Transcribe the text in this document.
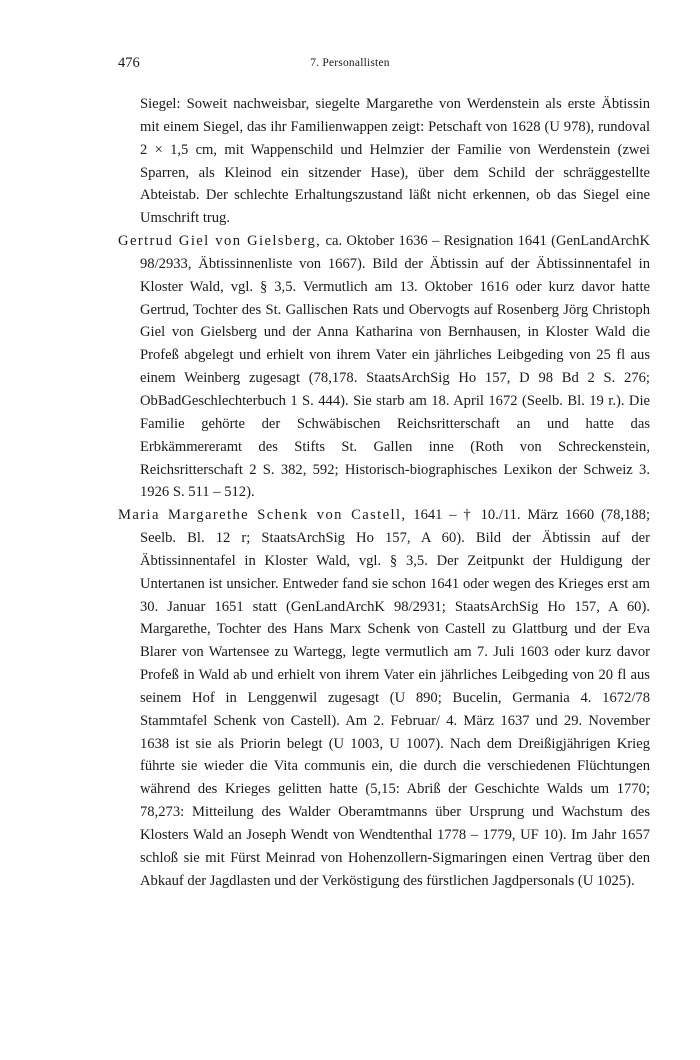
476	7. Personallisten

Siegel: Soweit nachweisbar, siegelte Margarethe von Werdenstein als erste Äbtissin mit einem Siegel, das ihr Familienwappen zeigt: Petschaft von 1628 (U 978), rundoval 2 × 1,5 cm, mit Wappenschild und Helmzier der Familie von Werdenstein (zwei Sparren, als Kleinod ein sitzender Hase), über dem Schild der schräggestellte Abteistab. Der schlechte Erhaltungszustand läßt nicht erkennen, ob das Siegel eine Umschrift trug.

Gertrud Giel von Gielsberg, ca. Oktober 1636 – Resignation 1641 (GenLandArchK 98/2933, Äbtissinnenliste von 1667). Bild der Äbtissin auf der Äbtissinnentafel in Kloster Wald, vgl. § 3,5. Vermutlich am 13. Oktober 1616 oder kurz davor hatte Gertrud, Tochter des St. Gallischen Rats und Obervogts auf Rosenberg Jörg Christoph Giel von Gielsberg und der Anna Katharina von Bernhausen, in Kloster Wald die Profeß abgelegt und erhielt von ihrem Vater ein jährliches Leibgeding von 25 fl aus einem Weinberg zugesagt (78,178. StaatsArchSig Ho 157, D 98 Bd 2 S. 276; ObBadGeschlechterbuch 1 S. 444). Sie starb am 18. April 1672 (Seelb. Bl. 19 r.). Die Familie gehörte der Schwäbischen Reichsritterschaft an und hatte das Erbkämmereramt des Stifts St. Gallen inne (Roth von Schreckenstein, Reichsritterschaft 2 S. 382, 592; Historisch-biographisches Lexikon der Schweiz 3. 1926 S. 511 – 512).

Maria Margarethe Schenk von Castell, 1641 – † 10./11. März 1660 (78,188; Seelb. Bl. 12 r; StaatsArchSig Ho 157, A 60). Bild der Äbtissin auf der Äbtissinnentafel in Kloster Wald, vgl. § 3,5. Der Zeitpunkt der Huldigung der Untertanen ist unsicher. Entweder fand sie schon 1641 oder wegen des Krieges erst am 30. Januar 1651 statt (GenLandArchK 98/2931; StaatsArchSig Ho 157, A 60). Margarethe, Tochter des Hans Marx Schenk von Castell zu Glattburg und der Eva Blarer von Wartensee zu Wartegg, legte vermutlich am 7. Juli 1603 oder kurz davor Profeß in Wald ab und erhielt von ihrem Vater ein jährliches Leibgeding von 20 fl aus seinem Hof in Lenggenwil zugesagt (U 890; Bucelin, Germania 4. 1672/78 Stammtafel Schenk von Castell). Am 2. Februar/ 4. März 1637 und 29. November 1638 ist sie als Priorin belegt (U 1003, U 1007). Nach dem Dreißigjährigen Krieg führte sie wieder die Vita communis ein, die durch die verschiedenen Flüchtungen während des Krieges gelitten hatte (5,15: Abriß der Geschichte Walds um 1770; 78,273: Mitteilung des Walder Oberamtmanns über Ursprung und Wachstum des Klosters Wald an Joseph Wendt von Wendtenthal 1778 – 1779, UF 10). Im Jahr 1657 schloß sie mit Fürst Meinrad von Hohenzollern-Sigmaringen einen Vertrag über den Abkauf der Jagdlasten und der Verköstigung des fürstlichen Jagdpersonals (U 1025).
